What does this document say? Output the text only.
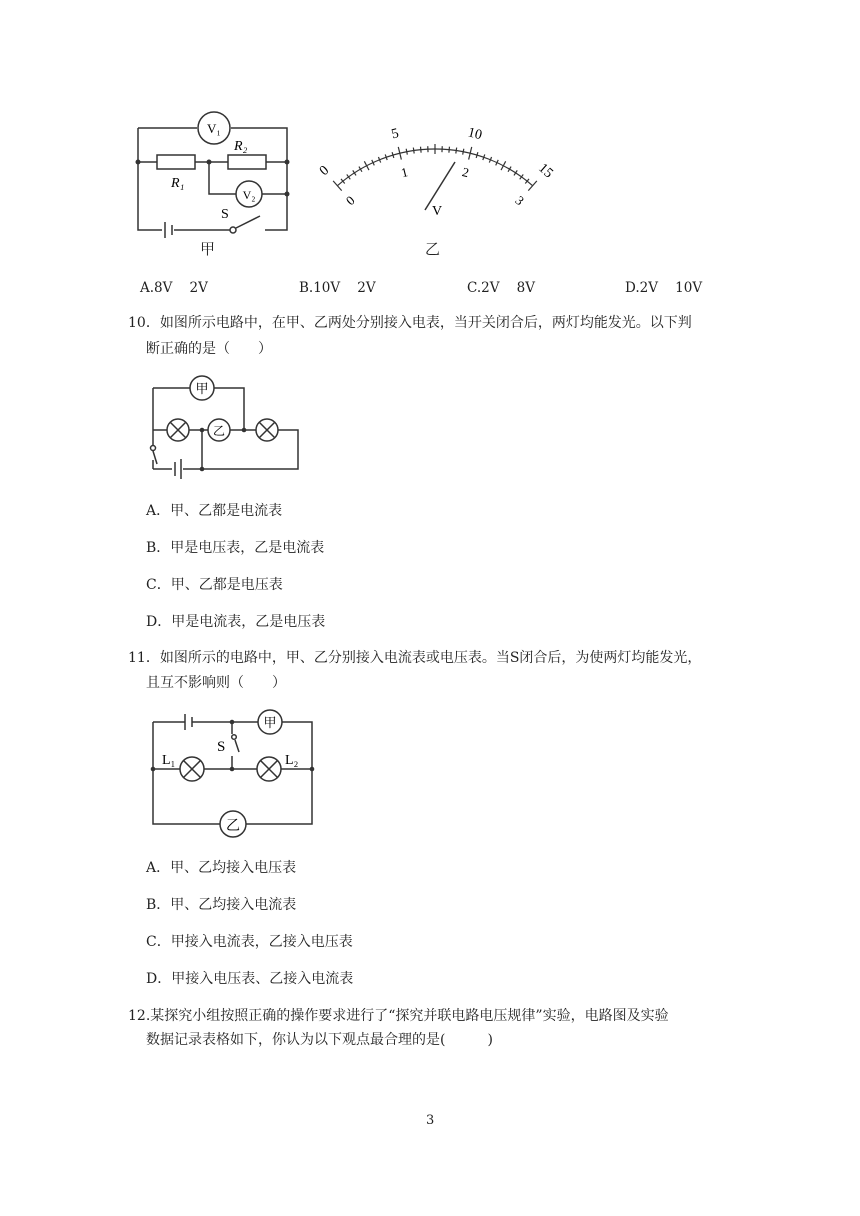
V₁
V₂
R₁
R₂
S
甲
V
0
5	10
15
0
1	2
3
乙
A.8V    2V	B.10V    2V	C.2V    8V	D.2V    10V
10．如图所示电路中，在甲、乙两处分别接入电表，当开关闭合后，两灯均能发光。以下判
断正确的是（　　）
甲
乙
A．甲、乙都是电流表
B．甲是电压表，乙是电流表
C．甲、乙都是电压表
D．甲是电流表，乙是电压表
11．如图所示的电路中，甲、乙分别接入电流表或电压表。当S闭合后，为使两灯均能发光，
且互不影响则（　　）
甲
乙
S
L₁	L₂
A．甲、乙均接入电压表
B．甲、乙均接入电流表
C．甲接入电流表，乙接入电压表
D．甲接入电压表、乙接入电流表
12.某探究小组按照正确的操作要求进行了“探究并联电路电压规律”实验，电路图及实验
数据记录表格如下，你认为以下观点最合理的是(　　　)
3
